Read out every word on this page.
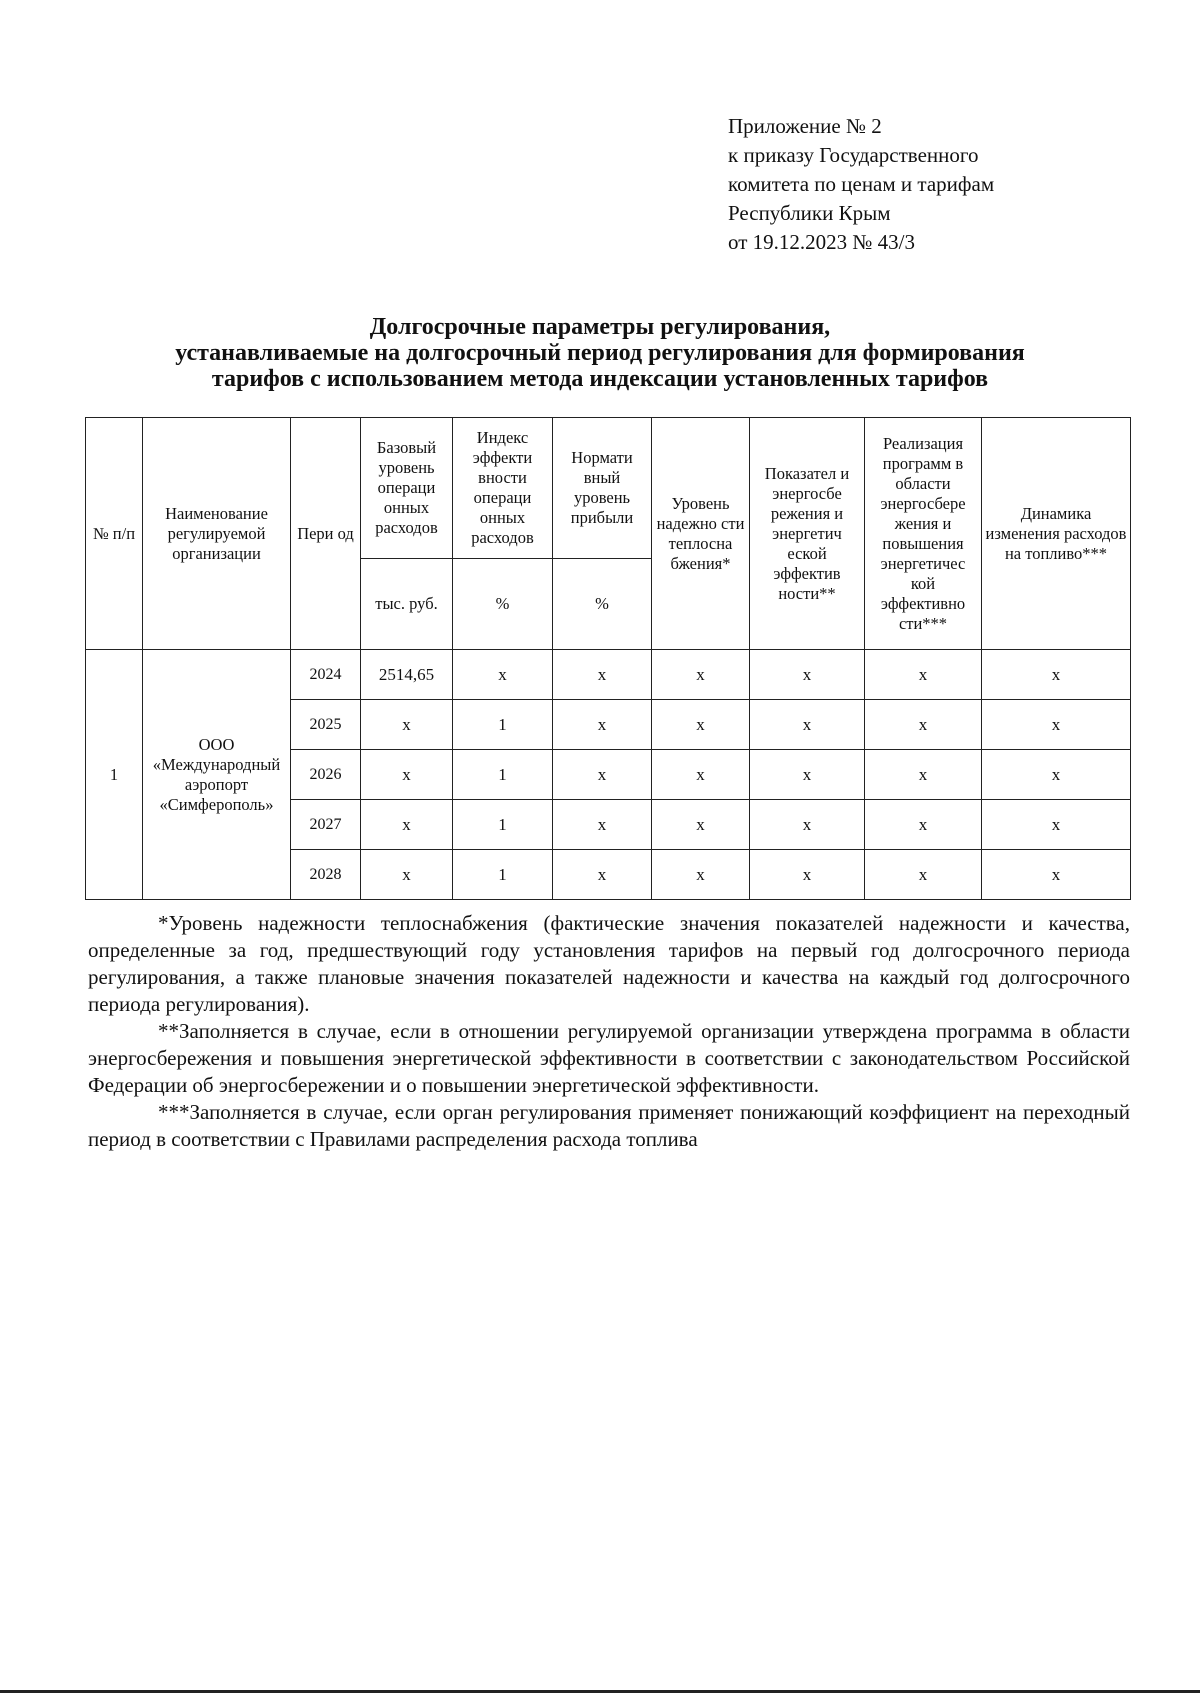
Приложение № 2
к приказу Государственного
комитета по ценам и тарифам
Республики Крым
от 19.12.2023 № 43/3
Долгосрочные параметры регулирования,
устанавливаемые на долгосрочный период регулирования для формирования
тарифов с использованием метода индексации установленных тарифов
№ п/п	Наименование регулируемой организации	Пери од	Базовый уровень операци онных расходов	Индекс эффекти вности операци онных расходов	Нормати вный уровень прибыли	Уровень надежно сти теплосна бжения*	Показател и энергосбе режения и энергетич еской эффектив ности**	Реализация программ в области энергосбере жения и повышения энергетичес кой эффективно сти***	Динамика изменения расходов на топливо***
			тыс. руб.	%	%				
1	ООО «Международный аэропорт «Симферополь»	2024	2514,65	x	x	x	x	x	x
		2025	x	1	x	x	x	x	x
		2026	x	1	x	x	x	x	x
		2027	x	1	x	x	x	x	x
		2028	x	1	x	x	x	x	x

*Уровень надежности теплоснабжения (фактические значения показателей надежности и качества, определенные за год, предшествующий году установления тарифов на первый год долгосрочного периода регулирования, а также плановые значения показателей надежности и качества на каждый год долгосрочного периода регулирования).

**Заполняется в случае, если в отношении регулируемой организации утверждена программа в области энергосбережения и повышения энергетической эффективности в соответствии с законодательством Российской Федерации об энергосбережении и о повышении энергетической эффективности.

***Заполняется в случае, если орган регулирования применяет понижающий коэффициент на переходный период в соответствии с Правилами распределения расхода топлива
